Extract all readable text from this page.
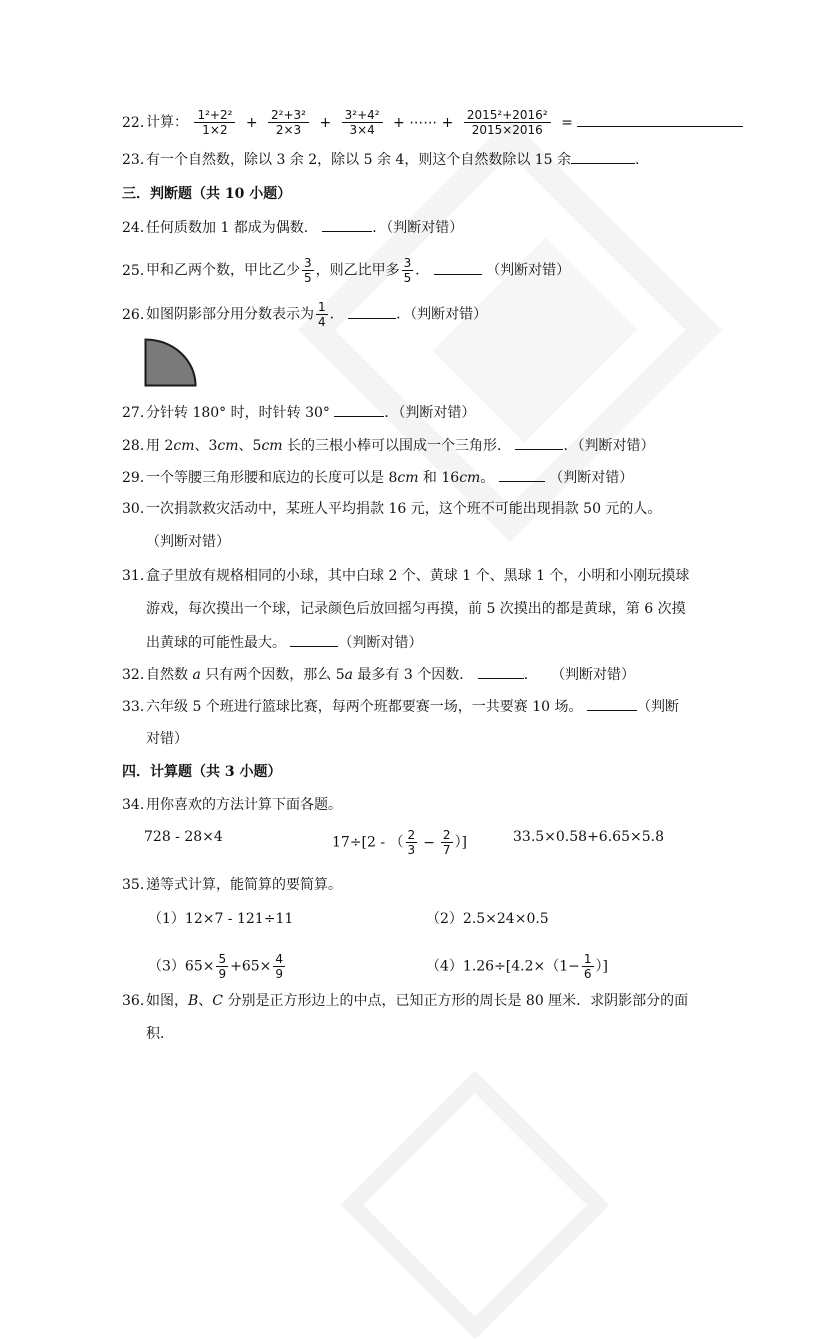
22．计算： $\frac{\text{1²+2²}}{1\times 2} + \frac{\text{2²+3²}}{2\times 3} + \frac{\text{3²+4²}}{3\times 4}$ + ⋯⋯ + $\frac{\text{2015²+2016²}}{2015\times 2016}$ =
23．有一个自然数，除以 3 余 2，除以 5 余 4，则这个自然数除以 15 余	.
三．判断题（共 10 小题）
24．任何质数加 1 都成为偶数．	．（判断对错）
25．甲和乙两个数，甲比乙少 $\frac{3}{5}$ ，则乙比甲多 $\frac{3}{5}$ ．	（判断对错）
26．如图阴影部分用分数表示为 $\frac{1}{4}$ ．	．（判断对错）
27．分针转 180° 时，时针转 30°	．（判断对错）
28．用 2cm、3cm、5cm 长的三根小棒可以围成一个三角形．	．（判断对错）
29．一个等腰三角形腰和底边的长度可以是 8cm 和 16cm。	（判断对错）
30．一次捐款救灾活动中，某班人平均捐款 16 元，这个班不可能出现捐款 50 元的人。
（判断对错）
31．盒子里放有规格相同的小球，其中白球 2 个、黄球 1 个、黑球 1 个，小明和小刚玩摸球
游戏，每次摸出一个球，记录颜色后放回摇匀再摸，前 5 次摸出的都是黄球，第 6 次摸
出黄球的可能性最大。	（判断对错）
32．自然数 a 只有两个因数，那么 5a 最多有 3 个因数．	． （判断对错）
33．六年级 5 个班进行篮球比赛，每两个班都要赛一场，一共要赛 10 场。	（判断
对错）
四．计算题（共 3 小题）
34．用你喜欢的方法计算下面各题。
728 - 28×4	17÷[2 - （ $\frac{2}{3} - \frac{2}{7}$ ）]	33.5×0.58+6.65×5.8
35．递等式计算，能简算的要简算。
（1）12×7 - 121÷11	（2）2.5×24×0.5
$(3)65\times \frac{5}{9} +65\times \frac{4}{9}$	$(4)1.26\div[4.2\times(1- \frac{1}{6}$ ）]
36．如图，B、C 分别是正方形边上的中点，已知正方形的周长是 80 厘米．求阴影部分的面
积．
